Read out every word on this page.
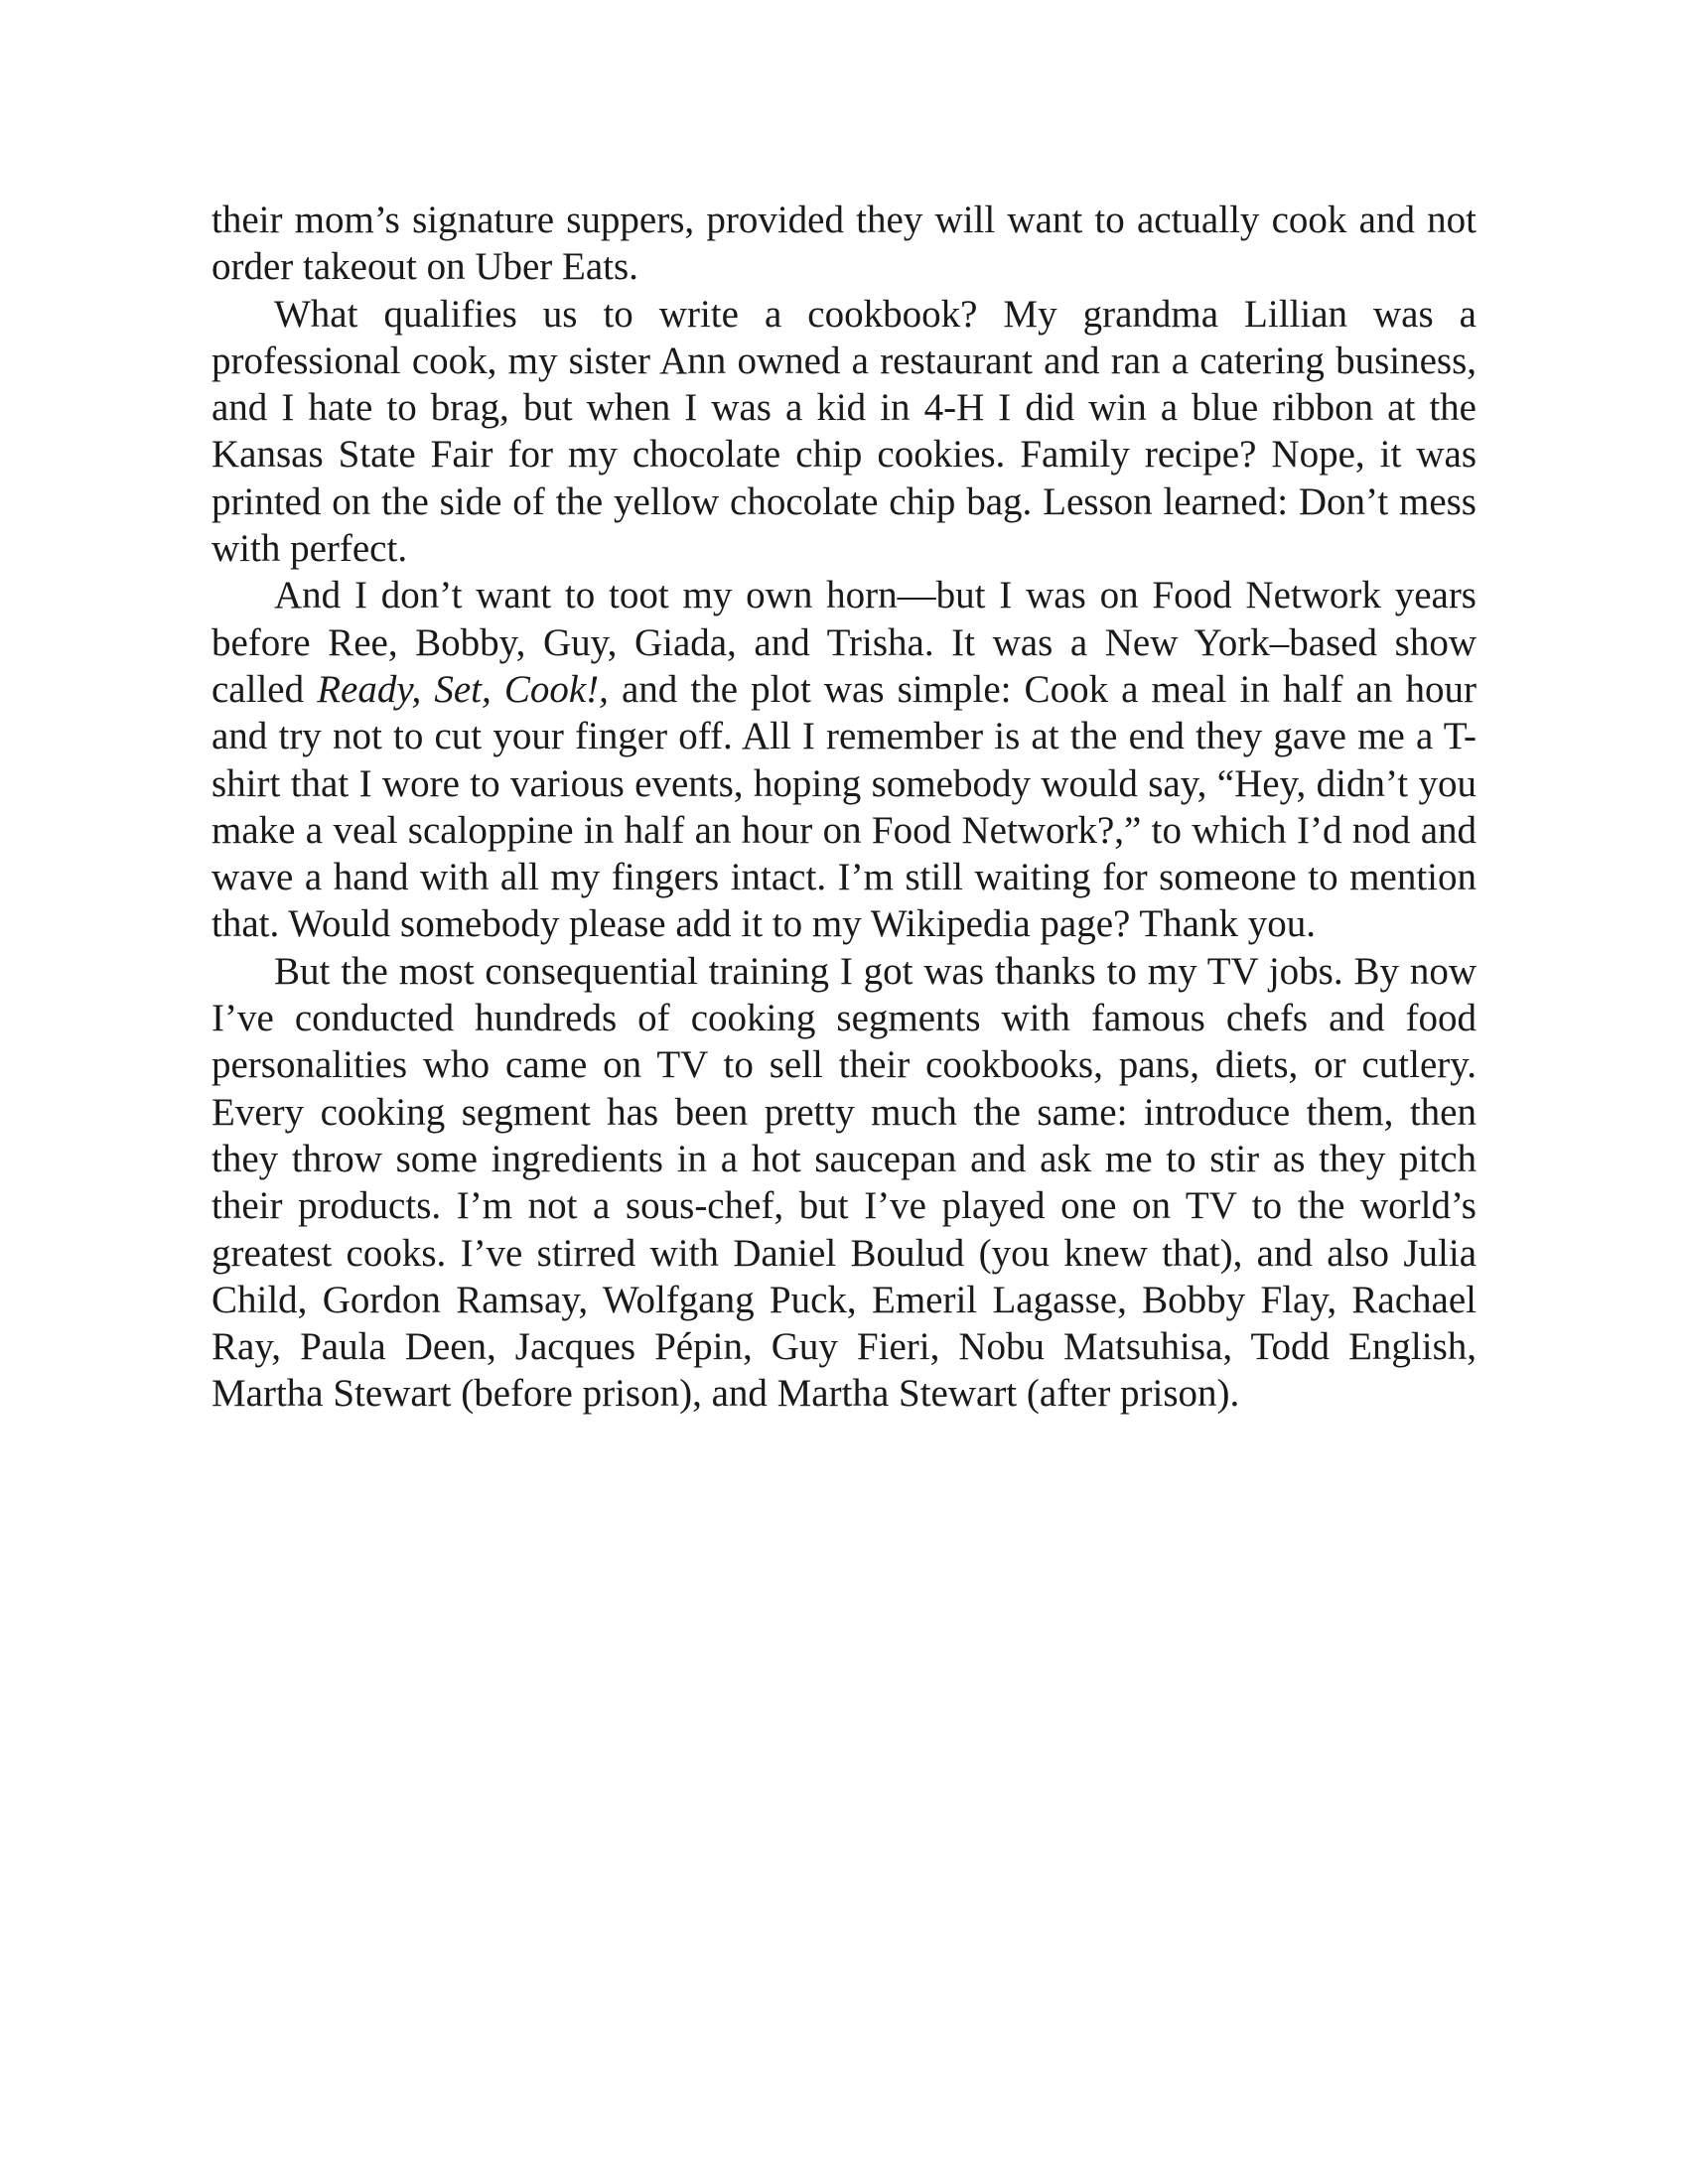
their mom’s signature suppers, provided they will want to actually cook and not order takeout on Uber Eats.

What qualifies us to write a cookbook? My grandma Lillian was a professional cook, my sister Ann owned a restaurant and ran a catering business, and I hate to brag, but when I was a kid in 4-H I did win a blue ribbon at the Kansas State Fair for my chocolate chip cookies. Family recipe? Nope, it was printed on the side of the yellow chocolate chip bag. Lesson learned: Don’t mess with perfect.

And I don’t want to toot my own horn—but I was on Food Network years before Ree, Bobby, Guy, Giada, and Trisha. It was a New York–based show called Ready, Set, Cook!, and the plot was simple: Cook a meal in half an hour and try not to cut your finger off. All I remember is at the end they gave me a T-shirt that I wore to various events, hoping somebody would say, “Hey, didn’t you make a veal scaloppine in half an hour on Food Network?,” to which I’d nod and wave a hand with all my fingers intact. I’m still waiting for someone to mention that. Would somebody please add it to my Wikipedia page? Thank you.

But the most consequential training I got was thanks to my TV jobs. By now I’ve conducted hundreds of cooking segments with famous chefs and food personalities who came on TV to sell their cookbooks, pans, diets, or cutlery. Every cooking segment has been pretty much the same: introduce them, then they throw some ingredients in a hot saucepan and ask me to stir as they pitch their products. I’m not a sous-chef, but I’ve played one on TV to the world’s greatest cooks. I’ve stirred with Daniel Boulud (you knew that), and also Julia Child, Gordon Ramsay, Wolfgang Puck, Emeril Lagasse, Bobby Flay, Rachael Ray, Paula Deen, Jacques Pépin, Guy Fieri, Nobu Matsuhisa, Todd English, Martha Stewart (before prison), and Martha Stewart (after prison).
